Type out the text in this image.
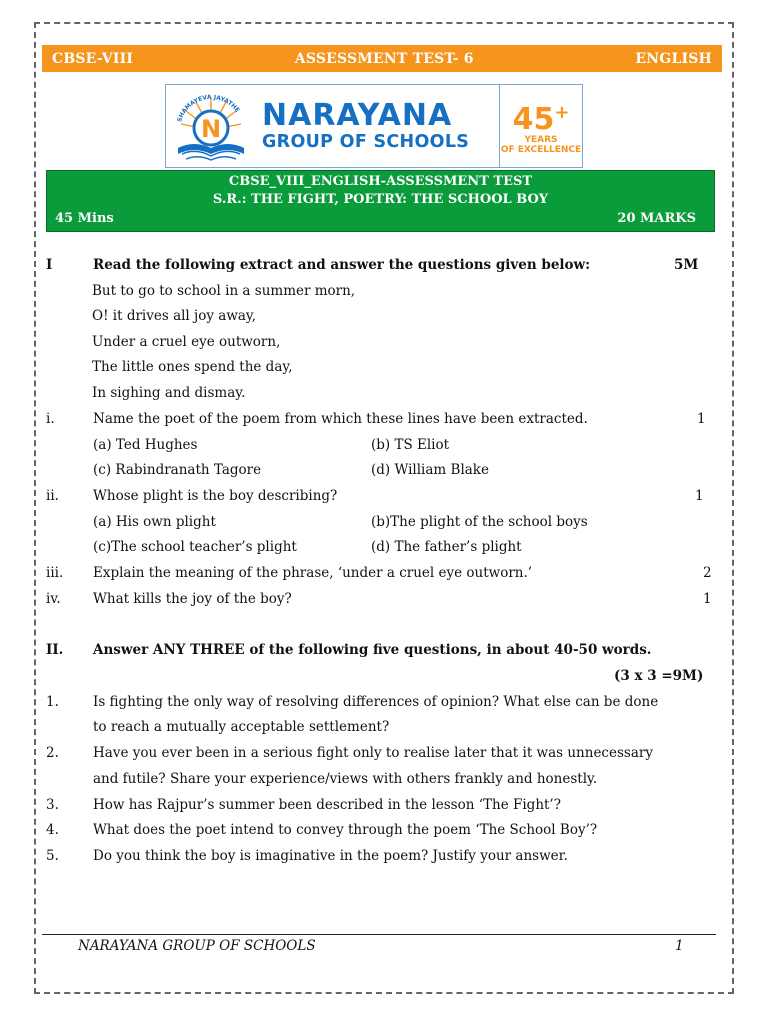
CBSE-VIII	ASSESSMENT TEST- 6	ENGLISH
N
SHAMAYEVA JAYATHE NARAYANA
GROUP OF SCHOOLS
45+
YEARS
OF EXCELLENCE
CBSE_VIII_ENGLISH-ASSESSMENT TEST
S.R.: THE FIGHT, POETRY: THE SCHOOL BOY
45 Mins	20 MARKS
I	Read the following extract and answer the questions given below:	5M
But to go to school in a summer morn,
O! it drives all joy away,
Under a cruel eye outworn,
The little ones spend the day,
In sighing and dismay.
i.	Name the poet of the poem from which these lines have been extracted.	1
(a) Ted Hughes	(b) TS Eliot
(c) Rabindranath Tagore	(d) William Blake
ii.	Whose plight is the boy describing?	1
(a) His own plight	(b)The plight of the school boys
(c)The school teacher’s plight	(d) The father’s plight
iii. Explain the meaning of the phrase, ‘under a cruel eye outworn.’	2
iv. What kills the joy of the boy?	1
II. Answer ANY THREE of the following five questions, in about 40-50 words.
(3 x 3 =9M)
1.	Is fighting the only way of resolving differences of opinion? What else can be done
to reach a mutually acceptable settlement?
2.	Have you ever been in a serious fight only to realise later that it was unnecessary
and futile? Share your experience/views with others frankly and honestly.
3.	How has Rajpur’s summer been described in the lesson ‘The Fight’?
4.	What does the poet intend to convey through the poem ‘The School Boy’?
5.	Do you think the boy is imaginative in the poem? Justify your answer.
NARAYANA GROUP OF SCHOOLS	1
